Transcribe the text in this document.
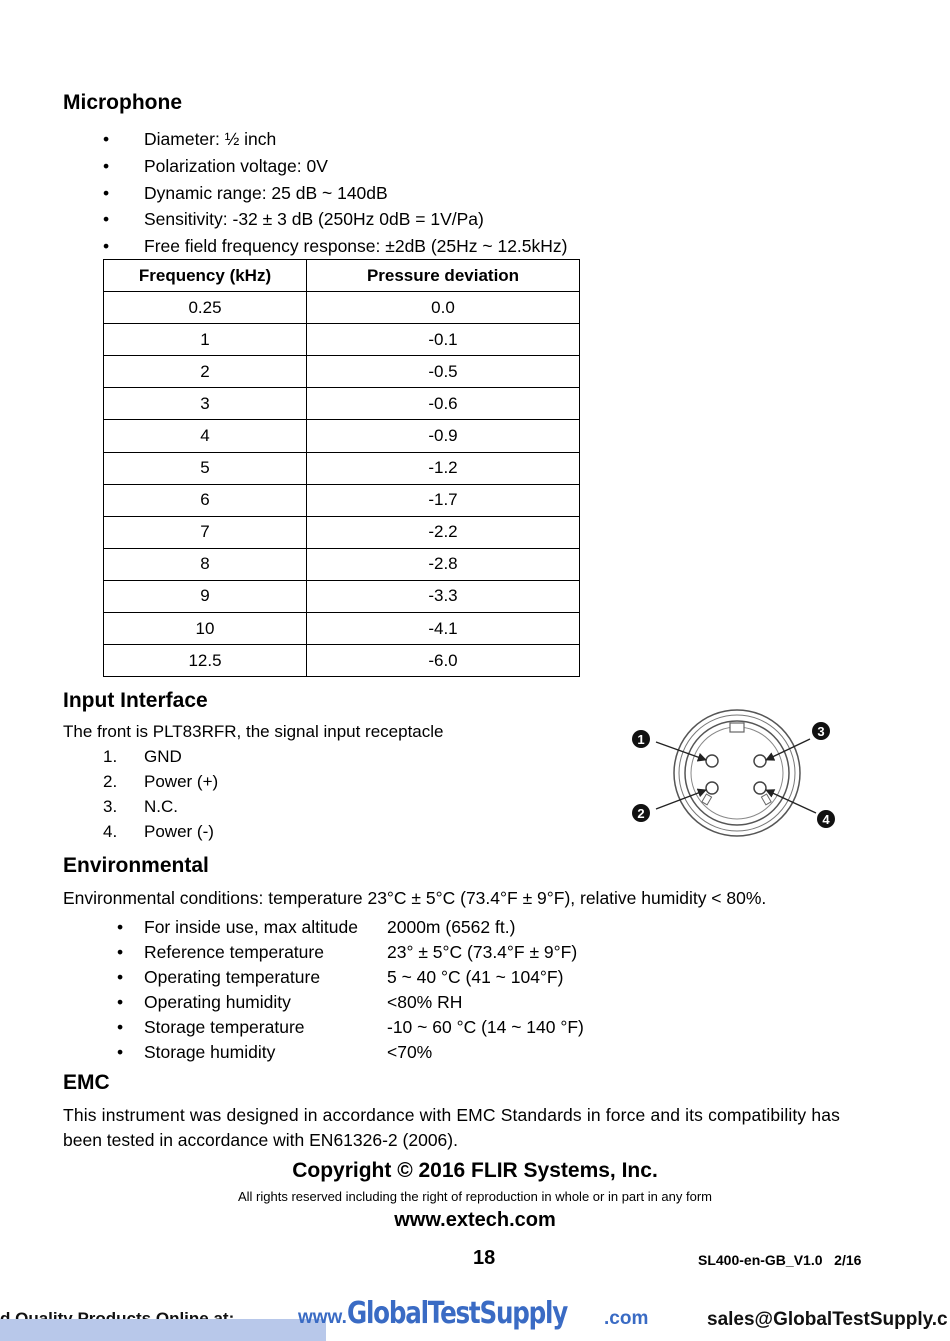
Microphone
•	Diameter: ½ inch
•	Polarization voltage: 0V
•	Dynamic range: 25 dB ~ 140dB
•	Sensitivity: -32 ± 3 dB (250Hz 0dB = 1V/Pa)
•	Free field frequency response: ±2dB (25Hz ~ 12.5kHz)
Frequency (kHz)	Pressure deviation
0.25	0.0
1	-0.1
2	-0.5
3	-0.6
4	-0.9
5	-1.2
6	-1.7
7	-2.2
8	-2.8
9	-3.3
10	-4.1
12.5	-6.0
Input Interface
The front is PLT83RFR, the signal input receptacle
1. GND
2. Power (+)
3. N.C.
4. Power (-)
1
2
3
4
Environmental
Environmental conditions: temperature 23°C ± 5°C (73.4°F ± 9°F), relative humidity < 80%.
• For inside use, max altitude 2000m (6562 ft.)
• Reference temperature	23° ± 5°C (73.4°F ± 9°F)
• Operating temperature	5 ~ 40 °C (41 ~ 104°F)
• Operating humidity	<80% RH
• Storage temperature	-10 ~ 60 °C (14 ~ 140 °F)
• Storage humidity	<70%
EMC
This instrument was designed in accordance with EMC Standards in force and its compatibility has
been tested in accordance with EN61326-2 (2006).
Copyright © 2016 FLIR Systems, Inc.
All rights reserved including the right of reproduction in whole or in part in any form
www.extech.com
18	SL400-en-GB_V1.0   2/16
www.GlobalTestSupply	.com	sales@GlobalTestSupply.c
